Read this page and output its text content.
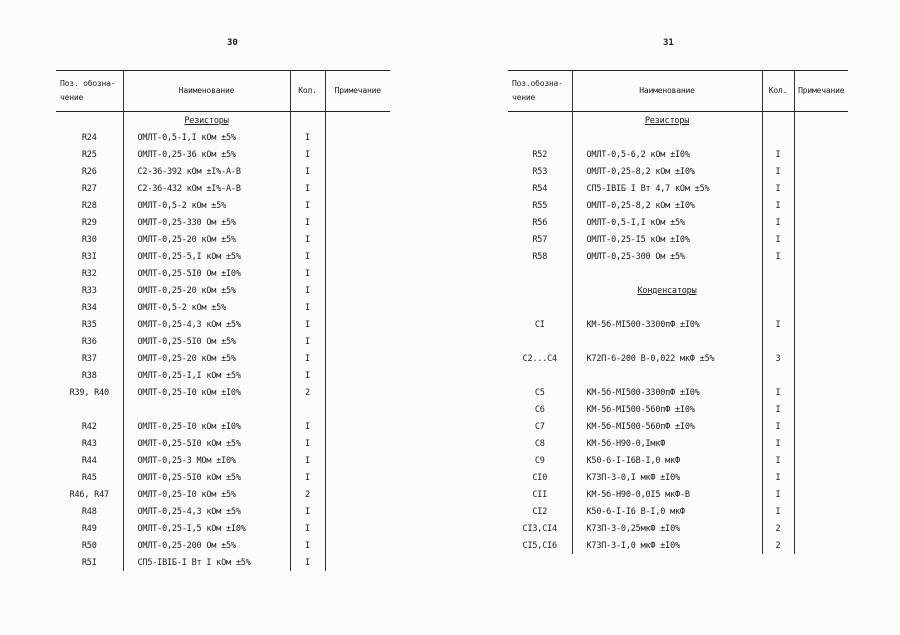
30
Поз. обозна-чение	Наименование	Кол.	Примечание
	Резисторы		
R24	ОМЛТ-0,5-I,I кОм ±5%	I	
R25	ОМЛТ-0,25-36 кОм ±5%	I	
R26	С2-36-392 кОм ±I%-А-В	I	
R27	С2-36-432 кОм ±I%-А-В	I	
R28	ОМЛТ-0,5-2 кОм ±5%	I	
R29	ОМЛТ-0,25-330 Ом ±5%	I	
R30	ОМЛТ-0,25-20 кОм ±5%	I	
R3I	ОМЛТ-0,25-5,I кОм ±5%	I	
R32	ОМЛТ-0,25-5I0 Ом ±I0%	I	
R33	ОМЛТ-0,25-20 кОм ±5%	I	
R34	ОМЛТ-0,5-2 кОм ±5%	I	
R35	ОМЛТ-0,25-4,3 кОм ±5%	I	
R36	ОМЛТ-0,25-5I0 Ом ±5%	I	
R37	ОМЛТ-0,25-20 кОм ±5%	I	
R38	ОМЛТ-0,25-I,I кОм ±5%	I	
R39, R40	ОМЛТ-0,25-I0 кОм ±I0%	2	

R42	ОМЛТ-0,25-I0 кОм ±I0%	I	
R43	ОМЛТ-0,25-5I0 кОм ±5%	I	
R44	ОМЛТ-0,25-3 МОм ±I0%	I	
R45	ОМЛТ-0,25-5I0 кОм ±5%	I	
R46, R47	ОМЛТ-0,25-I0 кОм ±5%	2	
R48	ОМЛТ-0,25-4,3 кОм ±5%	I	
R49	ОМЛТ-0,25-I,5 кОм ±I0%	I	
R50	ОМЛТ-0,25-200 Ом ±5%	I	
R5I	СП5-IВIБ-I Вт I кОм ±5%	I	
31
Поз.обозна-чение	Наименование	Кол.	Примечание
	Резисторы		

R52	ОМЛТ-0,5-6,2 кОм ±I0%	I	
R53	ОМЛТ-0,25-8,2 кОм ±I0%	I	
R54	СП5-IВIБ I Вт 4,7 кОм ±5%	I	
R55	ОМЛТ-0,25-8,2 кОм ±I0%	I	
R56	ОМЛТ-0,5-I,I кОм ±5%	I	
R57	ОМЛТ-0,25-I5 кОм ±I0%	I	
R58	ОМЛТ-0,25-300 Ом ±5%	I	

	Конденсаторы		

CI	КМ-5б-МI500-3300пФ ±I0%	I	

C2...C4	К72П-6-200 В-0,022 мкФ ±5%	3	

C5	КМ-5б-МI500-3300пФ ±I0%	I	
C6	КМ-5б-МI500-560пФ ±I0%	I	
C7	КМ-5б-МI500-560пФ ±I0%	I	
C8	КМ-5б-Н90-0,IмкФ	I	
C9	К50-6-I-I6В-I,0 мкФ	I	
CI0	К73П-3-0,I мкФ ±I0%	I	
CII	КМ-5б-Н90-0,0I5 мкФ-В	I	
CI2	К50-6-I-I6 В-I,0 мкФ	I	
CI3,CI4	К73П-3-0,25мкФ ±I0%	2	
CI5,CI6	К73П-3-I,0 мкФ ±I0%	2	
